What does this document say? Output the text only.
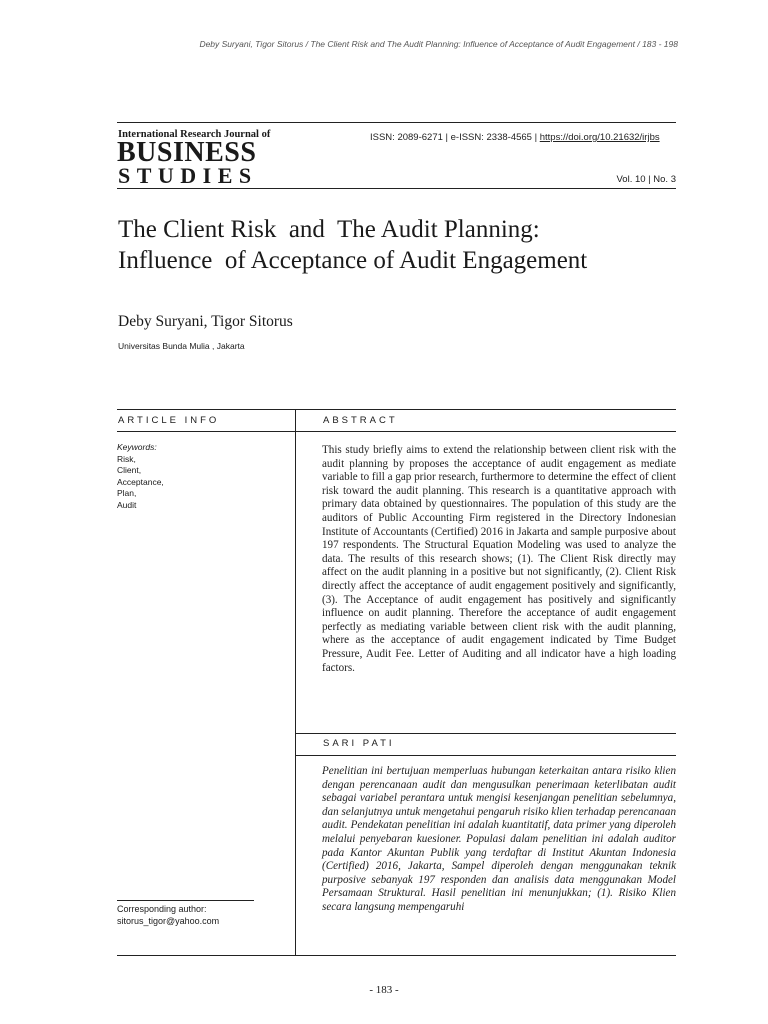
Deby Suryani, Tigor Sitorus / The Client Risk and The Audit Planning: Influence of Acceptance of Audit Engagement / 183 - 198
International Research Journal of
BUSINESS
STUDIES
ISSN: 2089-6271 | e-ISSN: 2338-4565 | https://doi.org/10.21632/irjbs
Vol. 10 | No. 3
The Client Risk  and  The Audit Planning:
Influence  of Acceptance of Audit Engagement
Deby Suryani, Tigor Sitorus
Universitas Bunda Mulia , Jakarta
ARTICLE INFO	ABSTRACT
Keywords:
Risk,
Client,
Acceptance,
Plan,
Audit
This study briefly aims to extend the relationship between client risk with the audit planning by proposes the acceptance of audit engagement as mediate variable to fill a gap prior research, furthermore to determine the effect of client risk toward the audit planning. This research is a quantitative approach with primary data obtained by questionnaires. The population of this study are the auditors of Public Accounting Firm registered in the Directory Indonesian Institute of Accountants (Certified) 2016 in Jakarta and sample purposive about 197 respondents. The Structural Equation Modeling was used to analyze the data. The results of this research shows; (1). The Client Risk directly may affect on the audit planning in a positive but not significantly, (2). Client Risk directly affect the acceptance of audit engagement positively and significantly, (3). The Acceptance of audit engagement has positively and significantly influence on audit planning. Therefore the acceptance of audit engagement perfectly as mediating variable between client risk with the audit planning, where as the acceptance of audit engagement indicated by Time Budget Pressure, Audit Fee. Letter of Auditing and all indicator have a high loading factors.
SARI PATI
Penelitian ini bertujuan memperluas hubungan keterkaitan antara risiko klien dengan perencanaan audit dan mengusulkan penerimaan keterlibatan audit sebagai variabel perantara untuk mengisi kesenjangan penelitian sebelumnya, dan selanjutnya untuk mengetahui pengaruh risiko klien terhadap perencanaan audit. Pendekatan penelitian ini adalah kuantitatif, data primer yang diperoleh melalui penyebaran kuesioner. Populasi dalam penelitian ini adalah auditor pada Kantor Akuntan Publik yang terdaftar di Institut Akuntan Indonesia (Certified) 2016, Jakarta, Sampel diperoleh dengan menggunakan teknik purposive sebanyak 197 responden dan analisis data menggunakan Model Persamaan Struktural. Hasil penelitian ini menunjukkan; (1). Risiko Klien secara langsung mempengaruhi
Corresponding author:
sitorus_tigor@yahoo.com
- 183 -
